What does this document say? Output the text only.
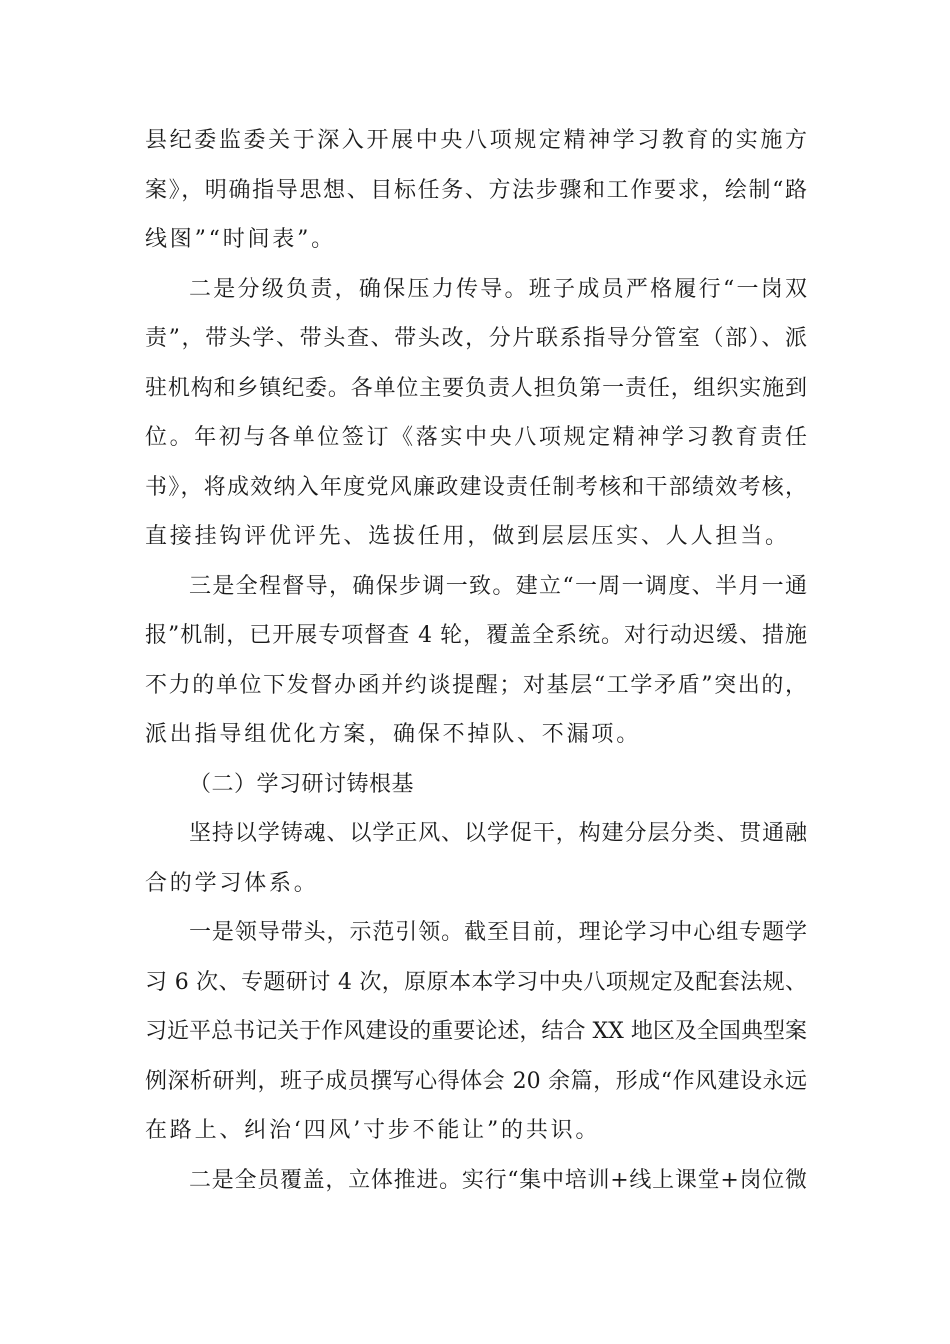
县纪委监委关于深入开展中央八项规定精神学习教育的实施方
案》，明确指导思想、目标任务、方法步骤和工作要求，绘制“路
线图”“时间表”。
二是分级负责，确保压力传导。班子成员严格履行“一岗双
责”，带头学、带头查、带头改，分片联系指导分管室（部）、派
驻机构和乡镇纪委。各单位主要负责人担负第一责任，组织实施到
位。年初与各单位签订《落实中央八项规定精神学习教育责任
书》，将成效纳入年度党风廉政建设责任制考核和干部绩效考核，
直接挂钩评优评先、选拔任用，做到层层压实、人人担当。
三是全程督导，确保步调一致。建立“一周一调度、半月一通
报”机制，已开展专项督查 4 轮，覆盖全系统。对行动迟缓、措施
不力的单位下发督办函并约谈提醒；对基层“工学矛盾”突出的，
派出指导组优化方案，确保不掉队、不漏项。
（二）学习研讨铸根基
坚持以学铸魂、以学正风、以学促干，构建分层分类、贯通融
合的学习体系。
一是领导带头，示范引领。截至目前，理论学习中心组专题学
习 6 次、专题研讨 4 次，原原本本学习中央八项规定及配套法规、
习近平总书记关于作风建设的重要论述，结合 XX 地区及全国典型案
例深析研判，班子成员撰写心得体会 20 余篇，形成“作风建设永远
在路上、纠治‘四风’寸步不能让”的共识。
二是全员覆盖，立体推进。实行“集中培训+线上课堂+岗位微
